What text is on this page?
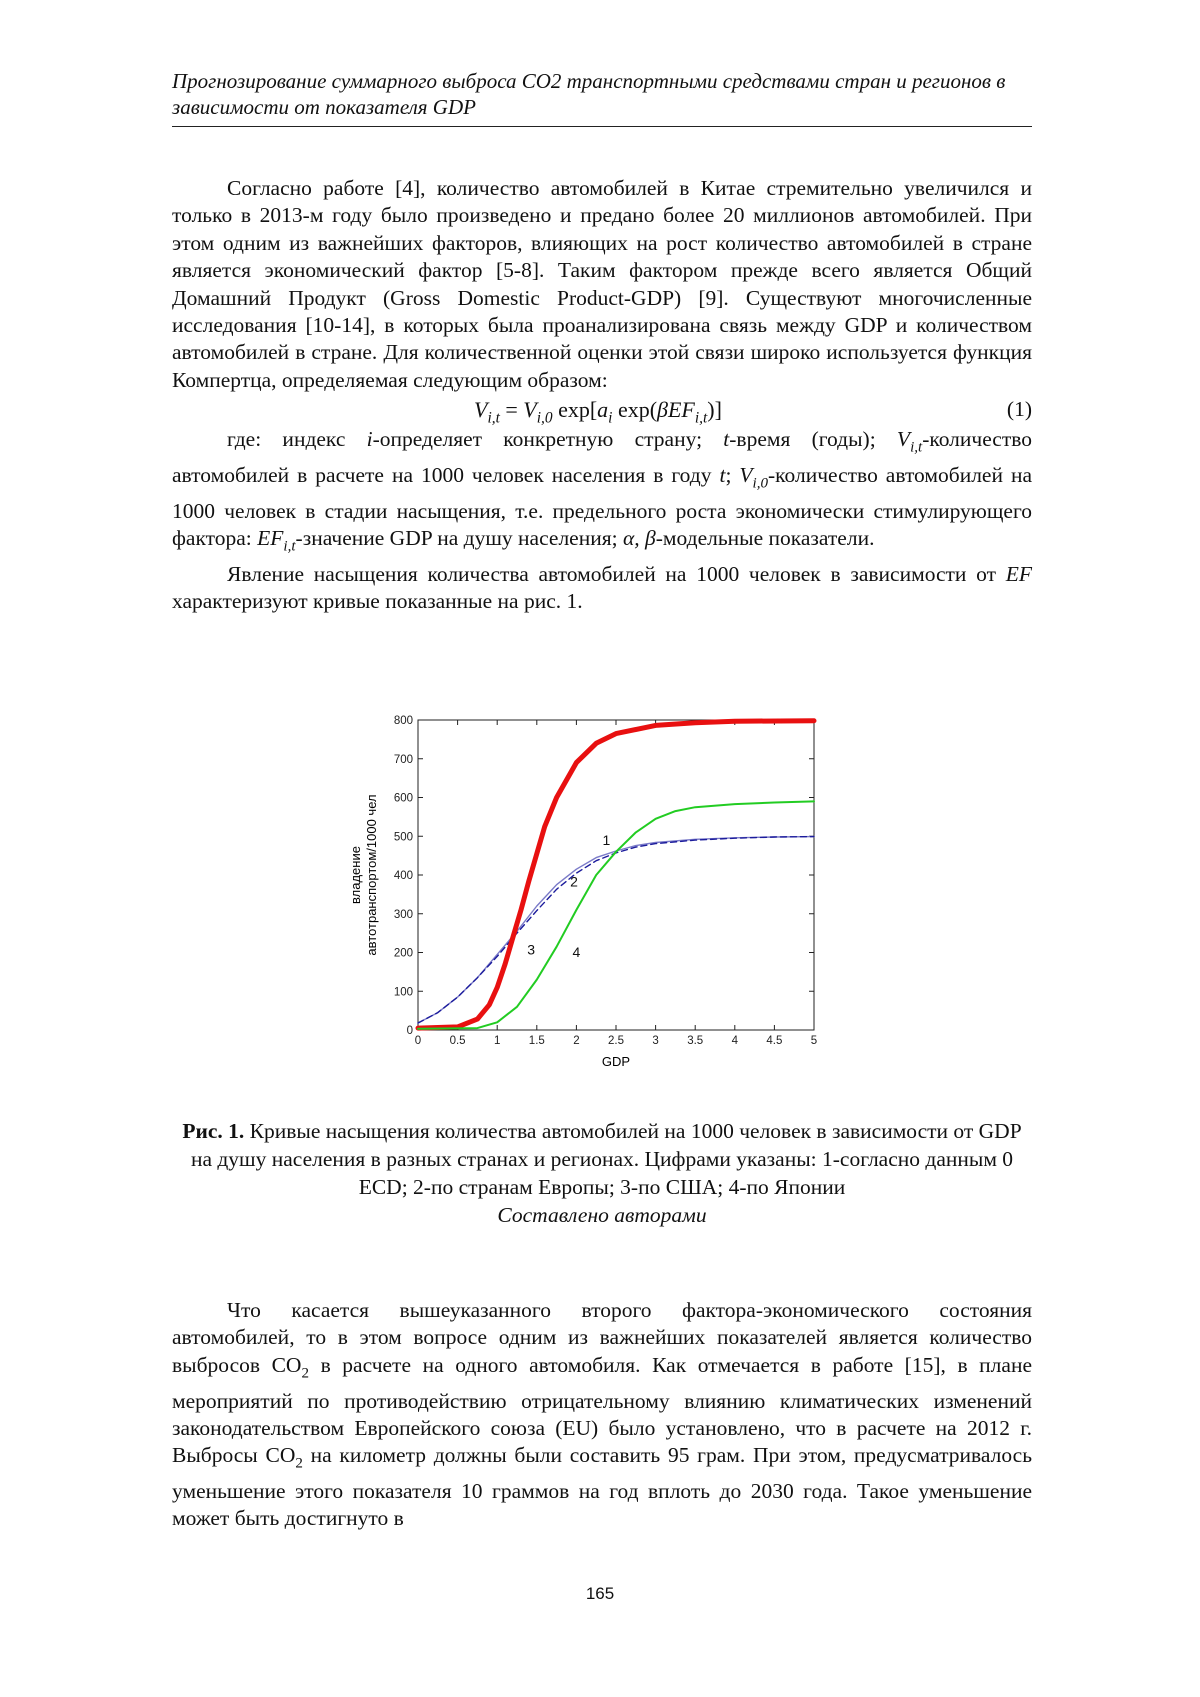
Прогнозирование суммарного выброса CO2 транспортными средствами стран и регионов в зависимости от показателя GDP

Согласно работе [4], количество автомобилей в Китае стремительно увеличился и только в 2013-м году было произведено и предано более 20 миллионов автомобилей. При этом одним из важнейших факторов, влияющих на рост количество автомобилей в стране является экономический фактор [5-8]. Таким фактором прежде всего является Общий Домашний Продукт (Gross Domestic Product-GDP) [9]. Существуют многочисленные исследования [10-14], в которых была проанализирована связь между GDP и количеством автомобилей в стране. Для количественной оценки этой связи широко используется функция Компертца, определяемая следующим образом:

$V_{i,t} = V_{i,0}$ $\exp[a_i$ exp(βEF$_{i,t}$)]	(1)

где: индекс i-определяет конкретную страну; t-время (годы); $V_{i,t}$-количество автомобилей в расчете на 1000 человек населения в году t; $V_{i,0}$-количество автомобилей на 1000 человек в стадии насыщения, т.е. предельного роста экономически стимулирующего фактора: $EF_{i,t}$-значение GDP на душу населения; α, β-модельные показатели.

Явление насыщения количества автомобилей на 1000 человек в зависимости от EF характеризуют кривые показанные на рис. 1.

0 0.5 1 1.5 2 2.5 3 3.5 4 4.5 5
0
100
200
300
400
500
600
700
800
1
2
3	4
GDP
владение автотранспортом/1000 чел
Рис. 1. Кривые насыщения количества автомобилей на 1000 человек в зависимости от GDP на душу населения в разных странах и регионах. Цифрами указаны: 1-согласно данным 0 ECD; 2-по странам Европы; 3-по США; 4-по Японии
Составлено авторами

Что касается вышеуказанного второго фактора-экономического состояния автомобилей, то в этом вопросе одним из важнейших показателей является количество выбросов $CO_2$ в расчете на одного автомобиля. Как отмечается в работе [15], в плане мероприятий по противодействию отрицательному влиянию климатических изменений законодательством Европейского союза (EU) было установлено, что в расчете на 2012 г. Выбросы $CO_2$ на километр должны были составить 95 грам. При этом, предусматривалось уменьшение этого показателя 10 граммов на год вплоть до 2030 года. Такое уменьшение может быть достигнуто в

165
